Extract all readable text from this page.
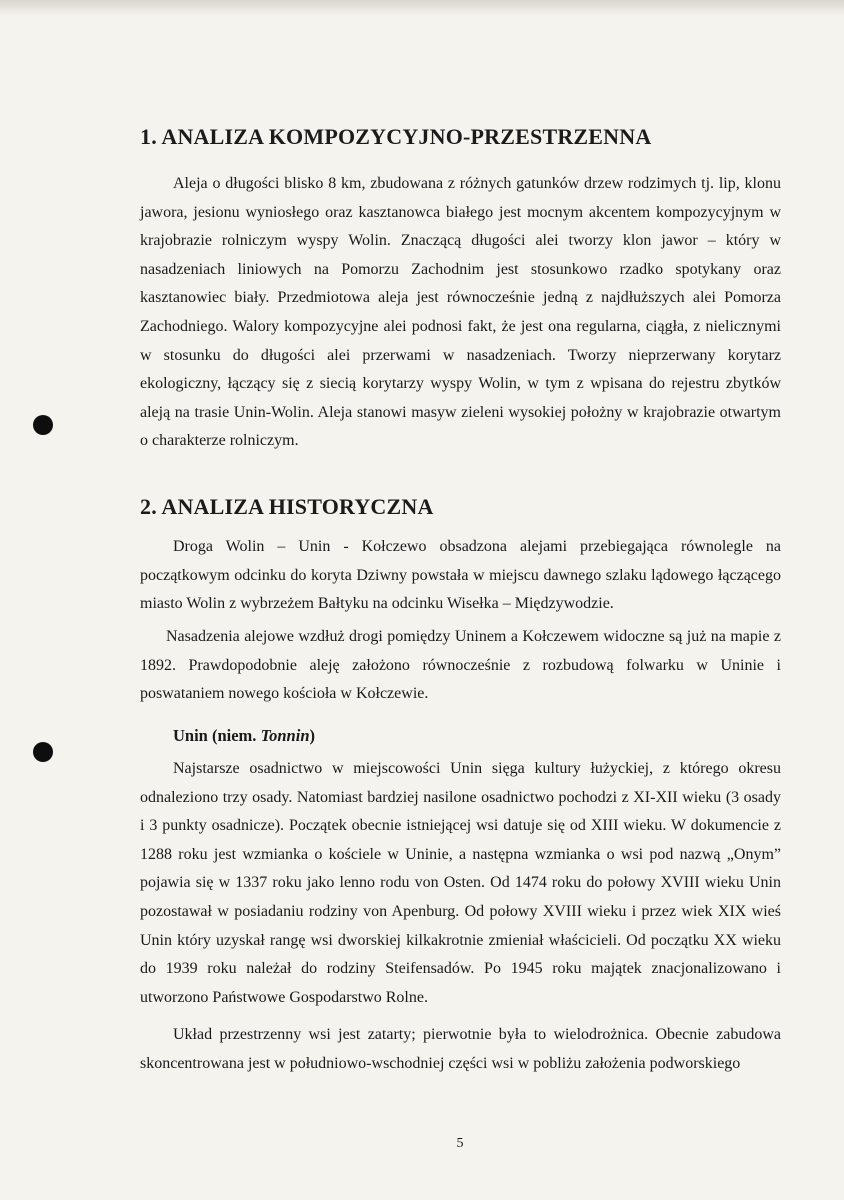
1. ANALIZA KOMPOZYCYJNO-PRZESTRZENNA

Aleja o długości blisko 8 km, zbudowana z różnych gatunków drzew rodzimych tj. lip, klonu jawora, jesionu wyniosłego oraz kasztanowca białego jest mocnym akcentem kompozycyjnym w krajobrazie rolniczym wyspy Wolin. Znaczącą długości alei tworzy klon jawor – który w nasadzeniach liniowych na Pomorzu Zachodnim jest stosunkowo rzadko spotykany oraz kasztanowiec biały. Przedmiotowa aleja jest równocześnie jedną z najdłuższych alei Pomorza Zachodniego. Walory kompozycyjne alei podnosi fakt, że jest ona regularna, ciągła, z nielicznymi w stosunku do długości alei przerwami w nasadzeniach. Tworzy nieprzerwany korytarz ekologiczny, łączący się z siecią korytarzy wyspy Wolin, w tym z wpisana do rejestru zbytków aleją na trasie Unin-Wolin. Aleja stanowi masyw zieleni wysokiej położny w krajobrazie otwartym o charakterze rolniczym.

2. ANALIZA HISTORYCZNA

Droga Wolin – Unin - Kołczewo obsadzona alejami przebiegająca równolegle na początkowym odcinku do koryta Dziwny powstała w miejscu dawnego szlaku lądowego łączącego miasto Wolin z wybrzeżem Bałtyku na odcinku Wisełka – Międzywodzie.

Nasadzenia alejowe wzdłuż drogi pomiędzy Uninem a Kołczewem widoczne są już na mapie z 1892. Prawdopodobnie aleję założono równocześnie z rozbudową folwarku w Uninie i poswataniem nowego kościoła w Kołczewie.

Unin (niem. Tonnin)

Najstarsze osadnictwo w miejscowości Unin sięga kultury łużyckiej, z którego okresu odnaleziono trzy osady. Natomiast bardziej nasilone osadnictwo pochodzi z XI-XII wieku (3 osady i 3 punkty osadnicze). Początek obecnie istniejącej wsi datuje się od XIII wieku. W dokumencie z 1288 roku jest wzmianka o kościele w Uninie, a następna wzmianka o wsi pod nazwą „Onym” pojawia się w 1337 roku jako lenno rodu von Osten. Od 1474 roku do połowy XVIII wieku Unin pozostawał w posiadaniu rodziny von Apenburg. Od połowy XVIII wieku i przez wiek XIX wieś Unin który uzyskał rangę wsi dworskiej kilkakrotnie zmieniał właścicieli. Od początku XX wieku do 1939 roku należał do rodziny Steifensadów. Po 1945 roku majątek znacjonalizowano i utworzono Państwowe Gospodarstwo Rolne.

Układ przestrzenny wsi jest zatarty; pierwotnie była to wielodrożnica. Obecnie zabudowa skoncentrowana jest w południowo-wschodniej części wsi w pobliżu założenia podworskiego

5
